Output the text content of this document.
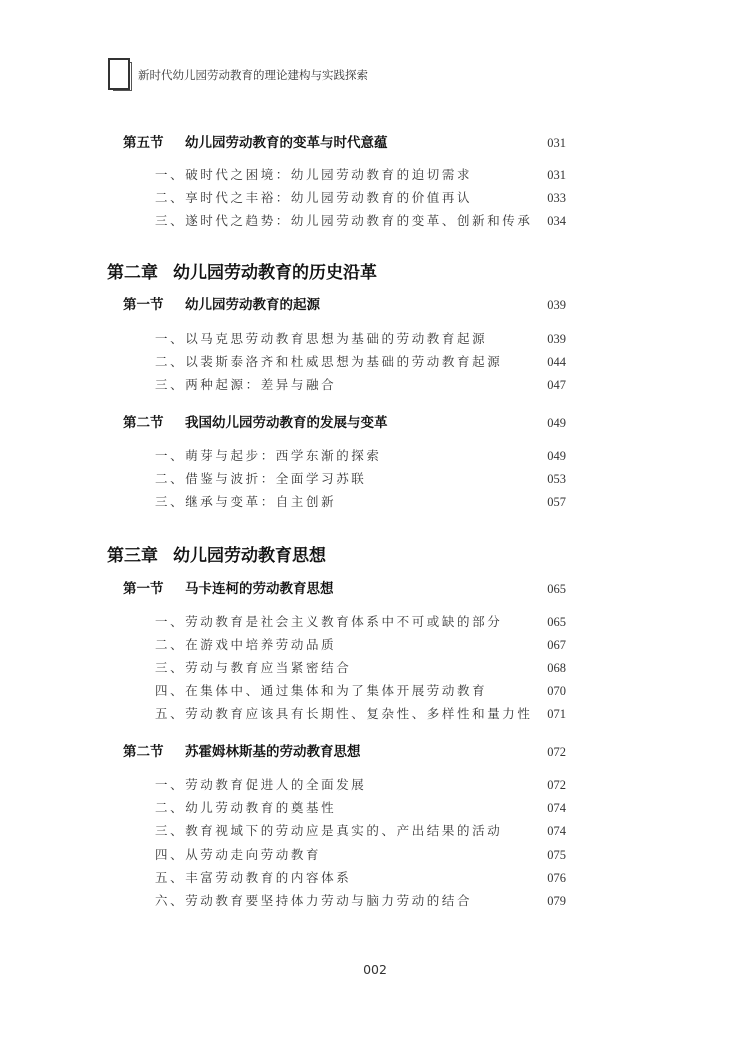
新时代幼儿园劳动教育的理论建构与实践探索
第五节 幼儿园劳动教育的变革与时代意蕴	031
一、破时代之困境：幼儿园劳动教育的迫切需求	031
二、享时代之丰裕：幼儿园劳动教育的价值再认	033
三、遂时代之趋势：幼儿园劳动教育的变革、创新和传承	034
第二章 幼儿园劳动教育的历史沿革
第一节 幼儿园劳动教育的起源	039
一、以马克思劳动教育思想为基础的劳动教育起源	039
二、以裴斯泰洛齐和杜威思想为基础的劳动教育起源	044
三、两种起源：差异与融合	047
第二节 我国幼儿园劳动教育的发展与变革	049
一、萌芽与起步：西学东渐的探索	049
二、借鉴与波折：全面学习苏联	053
三、继承与变革：自主创新	057
第三章 幼儿园劳动教育思想
第一节 马卡连柯的劳动教育思想	065
一、劳动教育是社会主义教育体系中不可或缺的部分	065
二、在游戏中培养劳动品质	067
三、劳动与教育应当紧密结合	068
四、在集体中、通过集体和为了集体开展劳动教育	070
五、劳动教育应该具有长期性、复杂性、多样性和量力性	071
第二节 苏霍姆林斯基的劳动教育思想	072
一、劳动教育促进人的全面发展	072
二、幼儿劳动教育的奠基性	074
三、教育视域下的劳动应是真实的、产出结果的活动	074
四、从劳动走向劳动教育	075
五、丰富劳动教育的内容体系	076
六、劳动教育要坚持体力劳动与脑力劳动的结合	079
002
